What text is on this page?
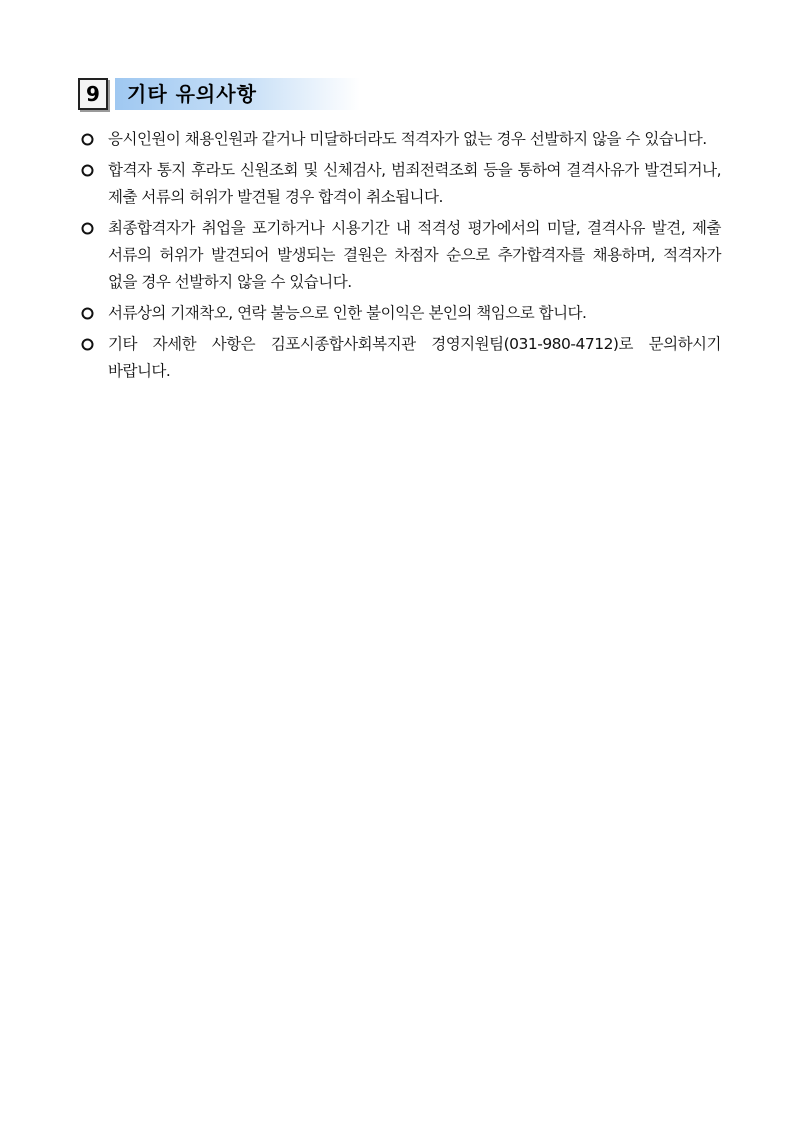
9	기타 유의사항
응시인원이 채용인원과 같거나 미달하더라도 적격자가 없는 경우 선발하지 않을 수 있습니다.
합격자 통지 후라도 신원조회 및 신체검사, 범죄전력조회 등을 통하여 결격사유가 발견되거나, 제출 서류의 허위가 발견될 경우 합격이 취소됩니다.
최종합격자가 취업을 포기하거나 시용기간 내 적격성 평가에서의 미달, 결격사유 발견, 제출 서류의 허위가 발견되어 발생되는 결원은 차점자 순으로 추가합격자를 채용하며, 적격자가 없을 경우 선발하지 않을 수 있습니다.
서류상의 기재착오, 연락 불능으로 인한 불이익은 본인의 책임으로 합니다.
기타 자세한 사항은 김포시종합사회복지관 경영지원팀(031-980-4712)로 문의하시기 바랍니다.
